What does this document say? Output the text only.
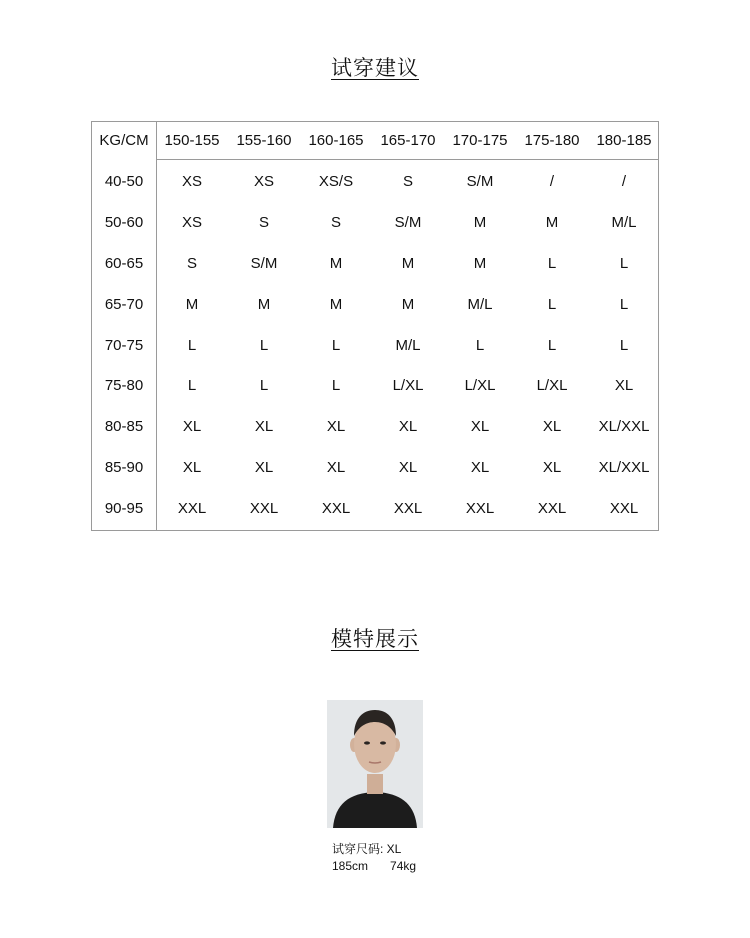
试穿建议
KG/CM	150-155	155-160	160-165	165-170	170-175	175-180	180-185
40-50	XS	XS	XS/S	S	S/M	/	/
50-60	XS	S	S	S/M	M	M	M/L
60-65	S	S/M	M	M	M	L	L
65-70	M	M	M	M	M/L	L	L
70-75	L	L	L	M/L	L	L	L
75-80	L	L	L	L/XL	L/XL	L/XL	XL
80-85	XL	XL	XL	XL	XL	XL	XL/XXL
85-90	XL	XL	XL	XL	XL	XL	XL/XXL
90-95	XXL	XXL	XXL	XXL	XXL	XXL	XXL
模特展示
试穿尺码: XL
185cm 74kg
